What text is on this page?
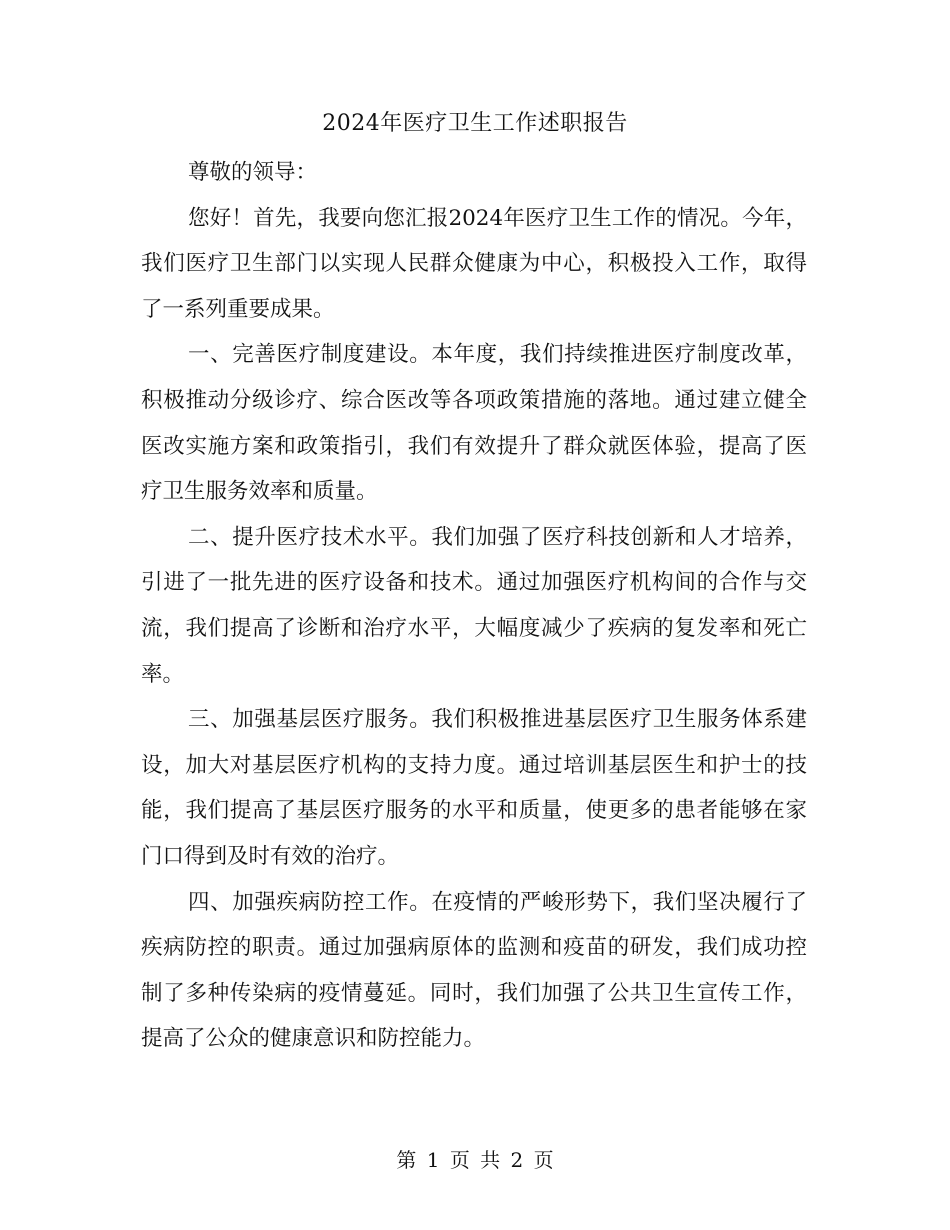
2024年医疗卫生工作述职报告

尊敬的领导：

您好！首先，我要向您汇报2024年医疗卫生工作的情况。今年，我们医疗卫生部门以实现人民群众健康为中心，积极投入工作，取得了一系列重要成果。

一、完善医疗制度建设。本年度，我们持续推进医疗制度改革，积极推动分级诊疗、综合医改等各项政策措施的落地。通过建立健全医改实施方案和政策指引，我们有效提升了群众就医体验，提高了医疗卫生服务效率和质量。

二、提升医疗技术水平。我们加强了医疗科技创新和人才培养，引进了一批先进的医疗设备和技术。通过加强医疗机构间的合作与交流，我们提高了诊断和治疗水平，大幅度减少了疾病的复发率和死亡率。

三、加强基层医疗服务。我们积极推进基层医疗卫生服务体系建设，加大对基层医疗机构的支持力度。通过培训基层医生和护士的技能，我们提高了基层医疗服务的水平和质量，使更多的患者能够在家门口得到及时有效的治疗。

四、加强疾病防控工作。在疫情的严峻形势下，我们坚决履行了疾病防控的职责。通过加强病原体的监测和疫苗的研发，我们成功控制了多种传染病的疫情蔓延。同时，我们加强了公共卫生宣传工作，提高了公众的健康意识和防控能力。

第 1 页 共 2 页
